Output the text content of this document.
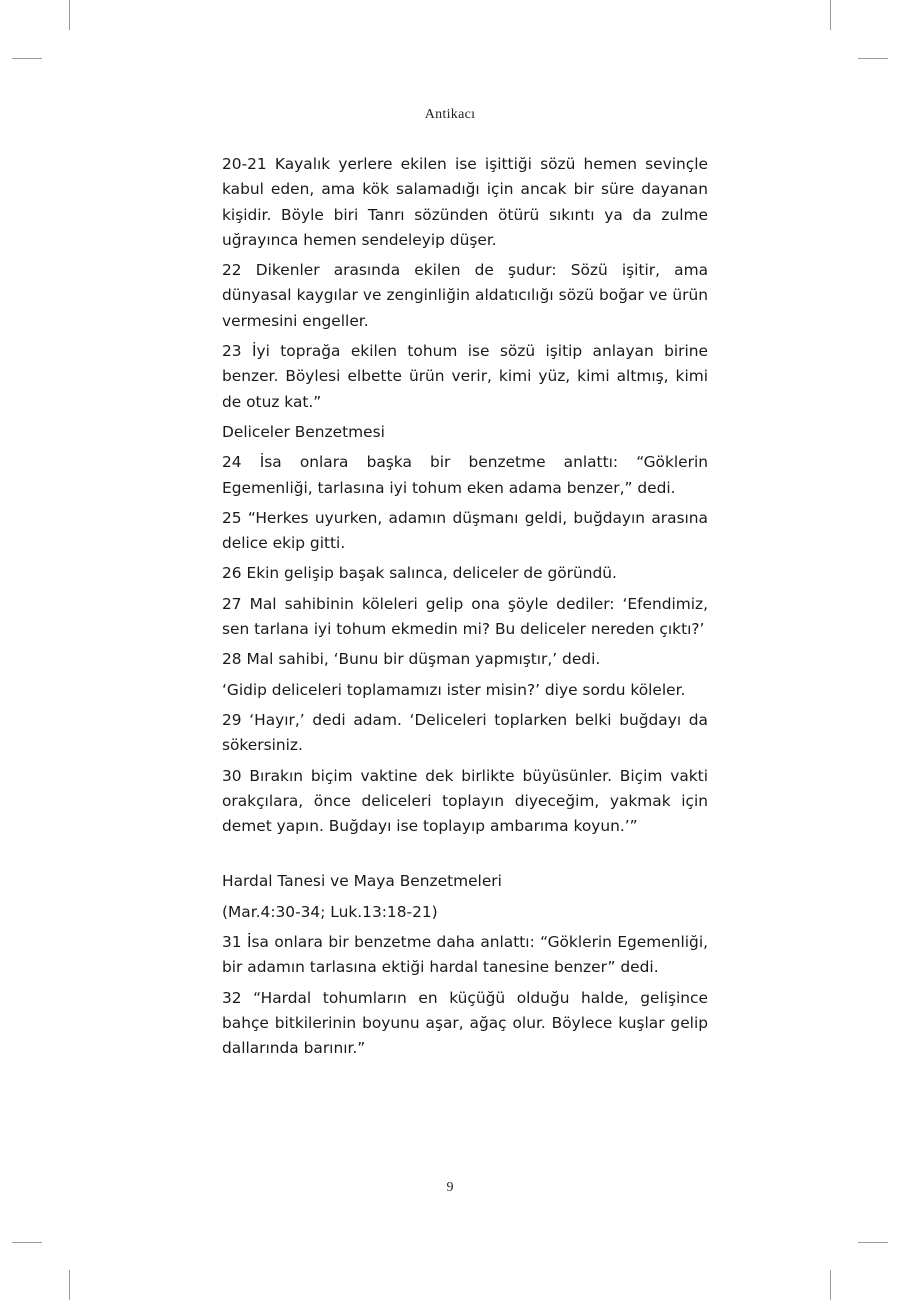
Antikacı

20-21 Kayalık yerlere ekilen ise işittiği sözü hemen sevinçle kabul eden, ama kök salamadığı için ancak bir süre dayanan kişidir. Böyle biri Tanrı sözünden ötürü sıkıntı ya da zulme uğrayınca hemen sendeleyip düşer.

22 Dikenler arasında ekilen de şudur: Sözü işitir, ama dünyasal kaygılar ve zenginliğin aldatıcılığı sözü boğar ve ürün vermesini engeller.

23 İyi toprağa ekilen tohum ise sözü işitip anlayan birine benzer. Böylesi elbette ürün verir, kimi yüz, kimi altmış, kimi de otuz kat.”

Deliceler Benzetmesi

24 İsa onlara başka bir benzetme anlattı: “Göklerin Egemenliği, tarlasına iyi tohum eken adama benzer,” dedi.

25 “Herkes uyurken, adamın düşmanı geldi, buğdayın arasına delice ekip gitti.

26 Ekin gelişip başak salınca, deliceler de göründü.

27 Mal sahibinin köleleri gelip ona şöyle dediler: ‘Efendimiz, sen tarlana iyi tohum ekmedin mi? Bu deliceler nereden çıktı?’

28 Mal sahibi, ‘Bunu bir düşman yapmıştır,’ dedi.

‘Gidip deliceleri toplamamızı ister misin?’ diye sordu köleler.

29 ‘Hayır,’ dedi adam. ‘Deliceleri toplarken belki buğdayı da sökersiniz.

30 Bırakın biçim vaktine dek birlikte büyüsünler. Biçim vakti orakçılara, önce deliceleri toplayın diyeceğim, yakmak için demet yapın. Buğdayı ise toplayıp ambarıma koyun.’”

Hardal Tanesi ve Maya Benzetmeleri

(Mar.4:30-34; Luk.13:18-21)

31 İsa onlara bir benzetme daha anlattı: “Göklerin Egemenliği, bir adamın tarlasına ektiği hardal tanesine benzer” dedi.

32 “Hardal tohumların en küçüğü olduğu halde, gelişince bahçe bitkilerinin boyunu aşar, ağaç olur. Böylece kuşlar gelip dallarında barınır.”

9
